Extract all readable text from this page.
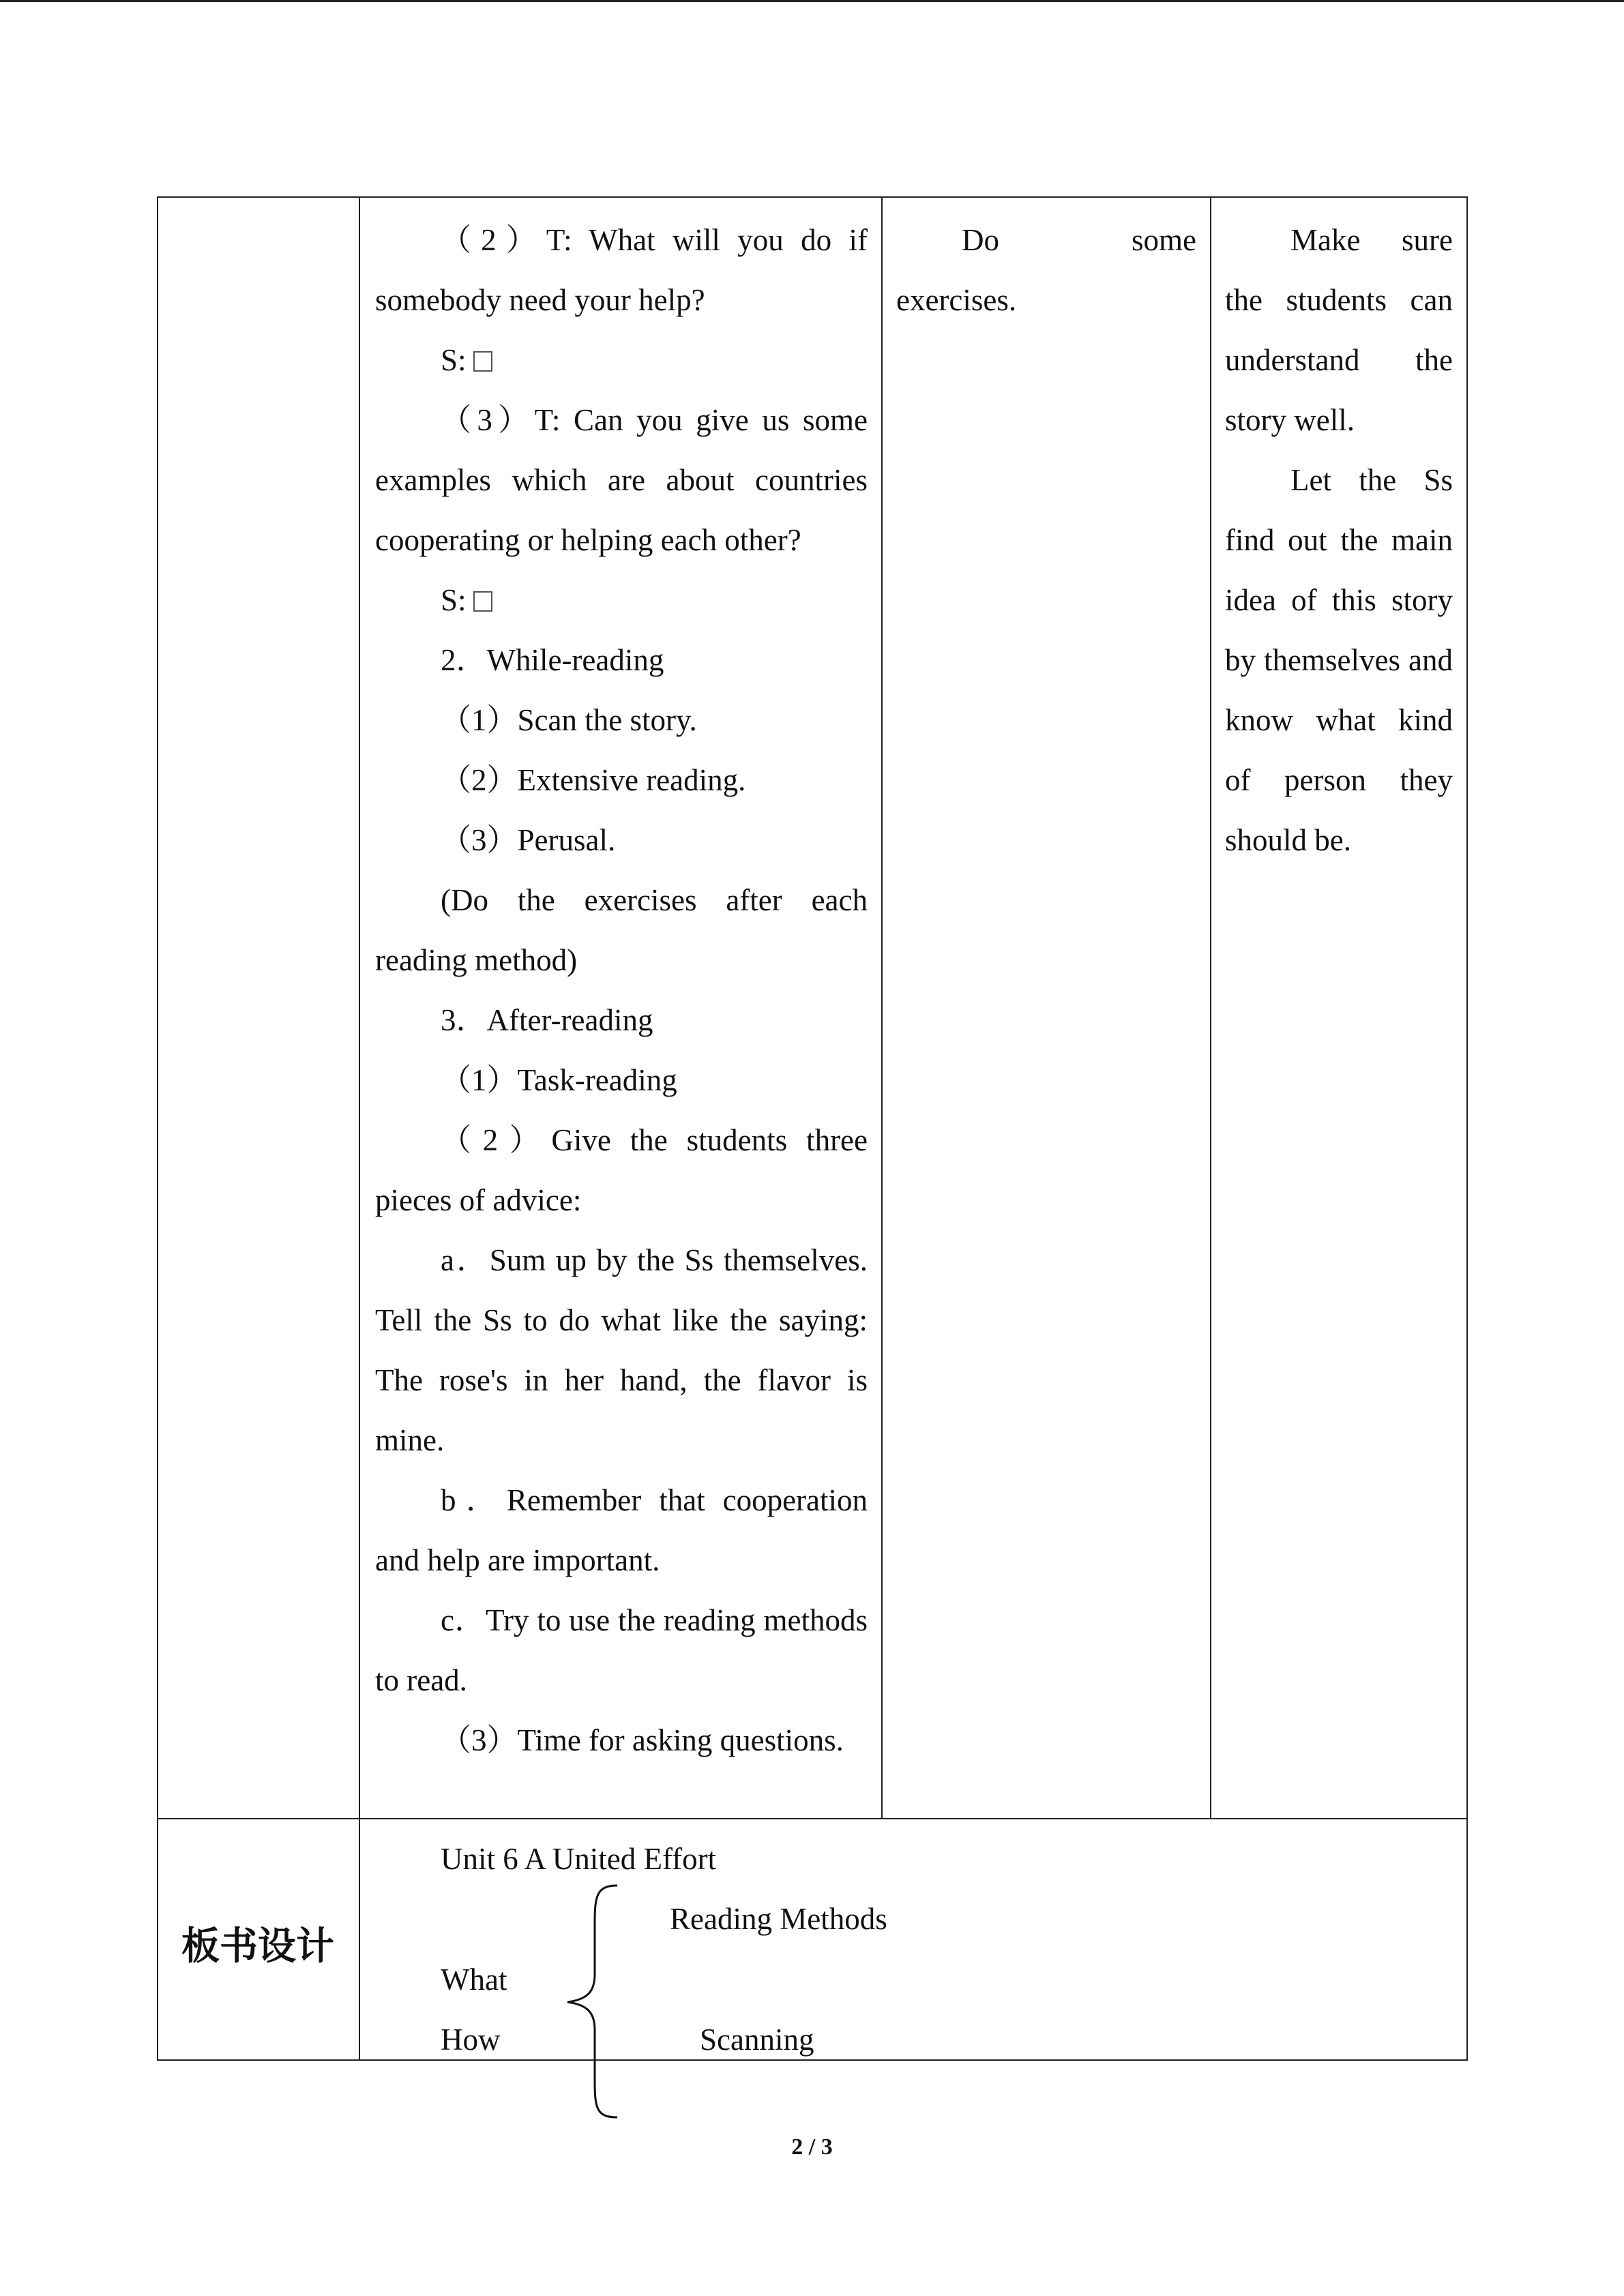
（2）T: What will you do if somebody need your help?

S:

（3）T: Can you give us some examples which are about countries cooperating or helping each other?

S:

2．While-reading

（1）Scan the story.

（2）Extensive reading.

（3）Perusal.

(Do the exercises after each reading method)

3．After-reading

（1）Task-reading

（2）Give the students three pieces of advice:

a．Sum up by the Ss themselves. Tell the Ss to do what like the saying: The rose's in her hand, the flavor is mine.

b．Remember that cooperation and help are important.

c．Try to use the reading methods to read.

（3）Time for asking questions.

Do some exercises.

Make sure the students can understand the story well.

Let the Ss find out the main idea of this story by themselves and know what kind of person they should be.

板书设计
Unit 6 A United Effort
Reading Methods
What
How	Scanning
2 / 3
